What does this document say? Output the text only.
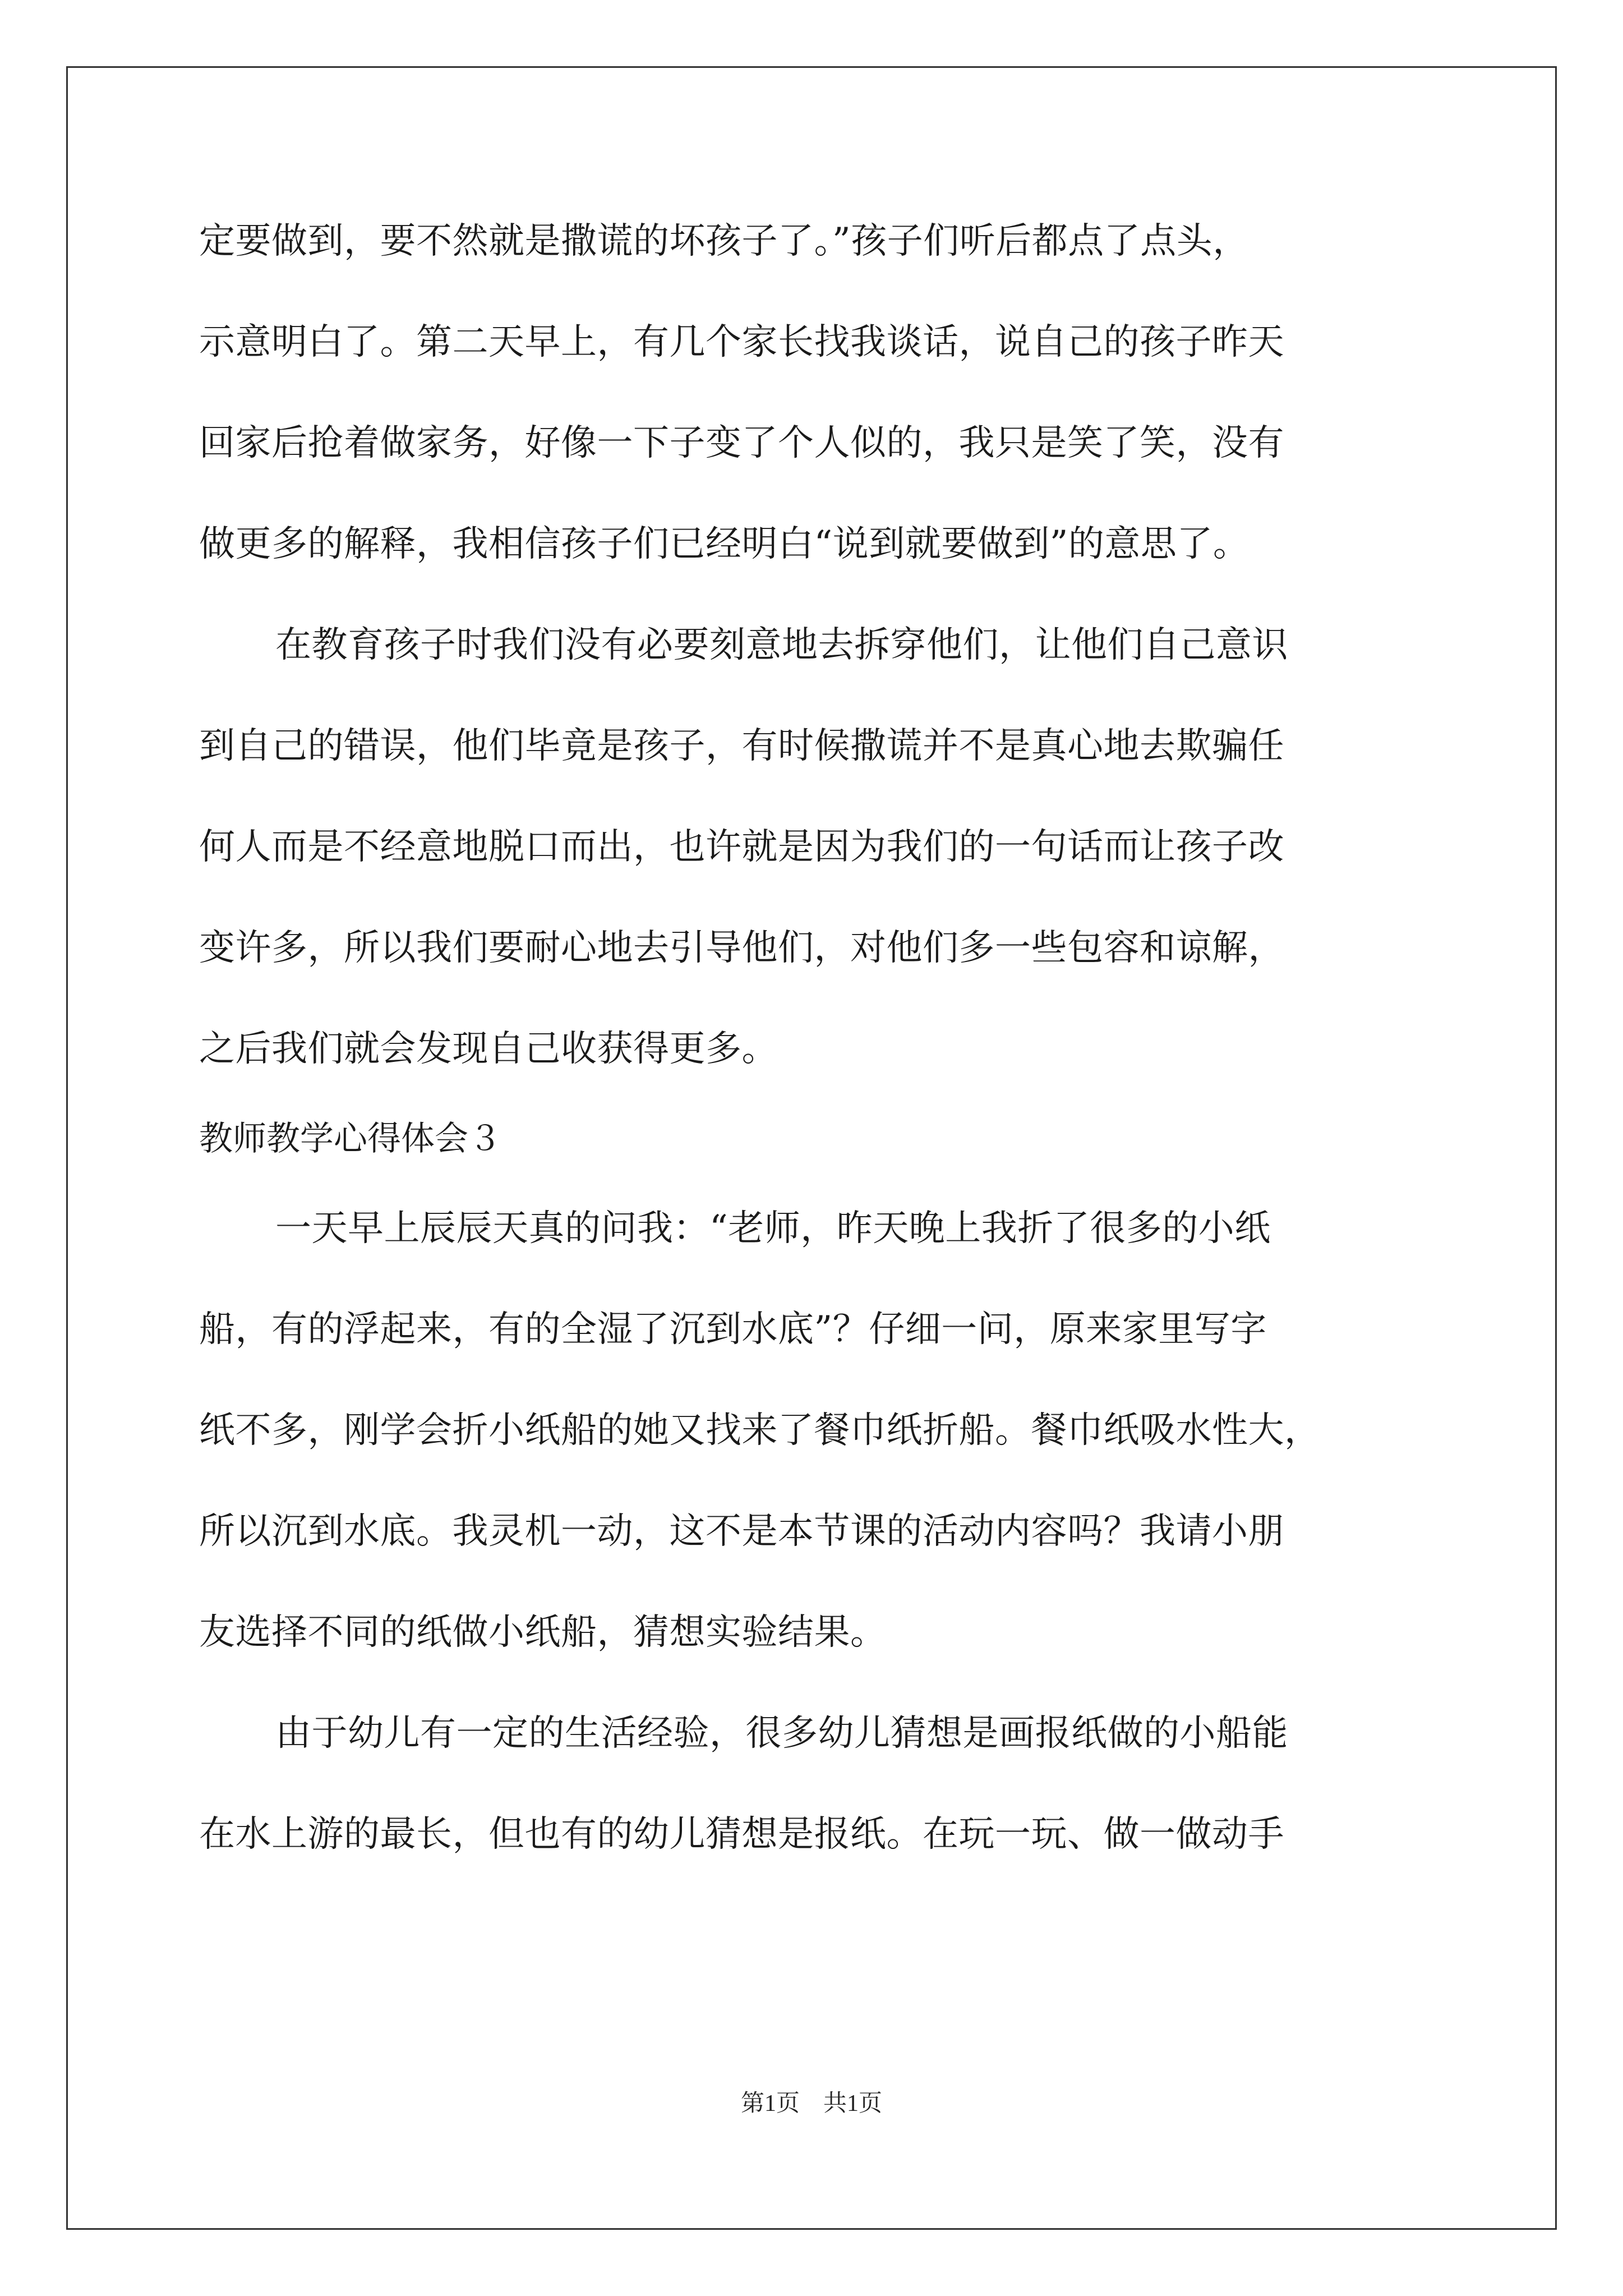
定要做到，要不然就是撒谎的坏孩子了。”孩子们听后都点了点头，
示意明白了。第二天早上，有几个家长找我谈话，说自己的孩子昨天
回家后抢着做家务，好像一下子变了个人似的，我只是笑了笑，没有
做更多的解释，我相信孩子们已经明白“说到就要做到”的意思了。
在教育孩子时我们没有必要刻意地去拆穿他们，让他们自己意识
到自己的错误，他们毕竟是孩子，有时候撒谎并不是真心地去欺骗任
何人而是不经意地脱口而出，也许就是因为我们的一句话而让孩子改
变许多，所以我们要耐心地去引导他们，对他们多一些包容和谅解，
之后我们就会发现自己收获得更多。
教师教学心得体会３
一天早上辰辰天真的问我：“老师，昨天晚上我折了很多的小纸
船，有的浮起来，有的全湿了沉到水底”？仔细一问，原来家里写字
纸不多，刚学会折小纸船的她又找来了餐巾纸折船。餐巾纸吸水性大，
所以沉到水底。我灵机一动，这不是本节课的活动内容吗？我请小朋
友选择不同的纸做小纸船，猜想实验结果。
由于幼儿有一定的生活经验，很多幼儿猜想是画报纸做的小船能
在水上游的最长，但也有的幼儿猜想是报纸。在玩一玩、做一做动手
第1页　共1页
